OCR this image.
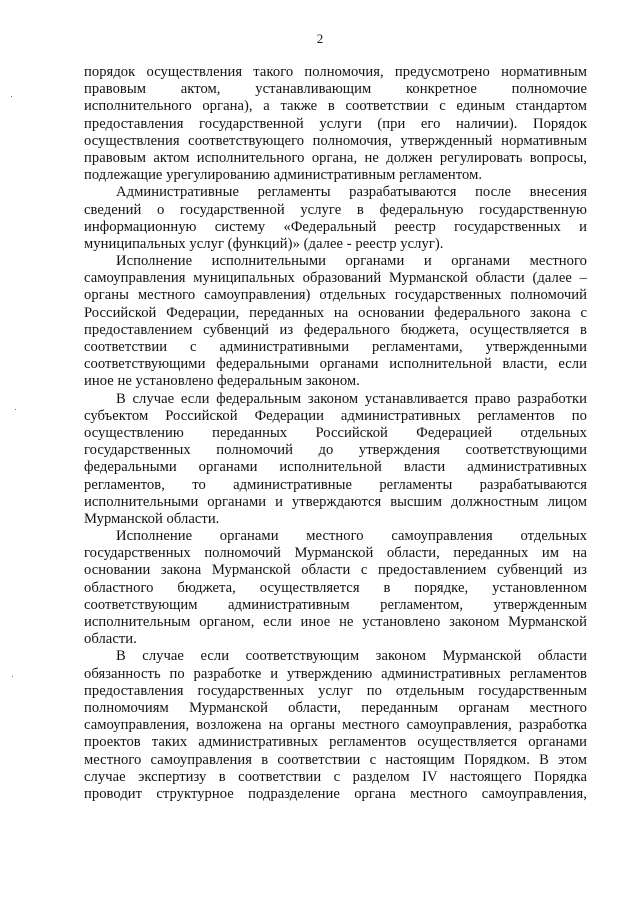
2
порядок осуществления такого полномочия, предусмотрено нормативным
правовым актом, устанавливающим конкретное полномочие
исполнительного органа), а также в соответствии с единым стандартом
предоставления государственной услуги (при его наличии). Порядок
осуществления соответствующего полномочия, утвержденный нормативным
правовым актом исполнительного органа, не должен регулировать вопросы,
подлежащие урегулированию административным регламентом.
Административные регламенты разрабатываются после внесения
сведений о государственной услуге в федеральную государственную
информационную систему «Федеральный реестр государственных и
муниципальных услуг (функций)» (далее - реестр услуг).
Исполнение исполнительными органами и органами местного
самоуправления муниципальных образований Мурманской области (далее –
органы местного самоуправления) отдельных государственных полномочий
Российской Федерации, переданных на основании федерального закона с
предоставлением субвенций из федерального бюджета, осуществляется в
соответствии с административными регламентами, утвержденными
соответствующими федеральными органами исполнительной власти, если
иное не установлено федеральным законом.
В случае если федеральным законом устанавливается право разработки
субъектом Российской Федерации административных регламентов по
осуществлению переданных Российской Федерацией отдельных
государственных полномочий до утверждения соответствующими
федеральными органами исполнительной власти административных
регламентов, то административные регламенты разрабатываются
исполнительными органами и утверждаются высшим должностным лицом
Мурманской области.
Исполнение органами местного самоуправления отдельных
государственных полномочий Мурманской области, переданных им на
основании закона Мурманской области с предоставлением субвенций из
областного бюджета, осуществляется в порядке, установленном
соответствующим административным регламентом, утвержденным
исполнительным органом, если иное не установлено законом Мурманской
области.
В случае если соответствующим законом Мурманской области
обязанность по разработке и утверждению административных регламентов
предоставления государственных услуг по отдельным государственным
полномочиям Мурманской области, переданным органам местного
самоуправления, возложена на органы местного самоуправления, разработка
проектов таких административных регламентов осуществляется органами
местного самоуправления в соответствии с настоящим Порядком. В этом
случае экспертизу в соответствии с разделом IV настоящего Порядка
проводит структурное подразделение органа местного самоуправления,
